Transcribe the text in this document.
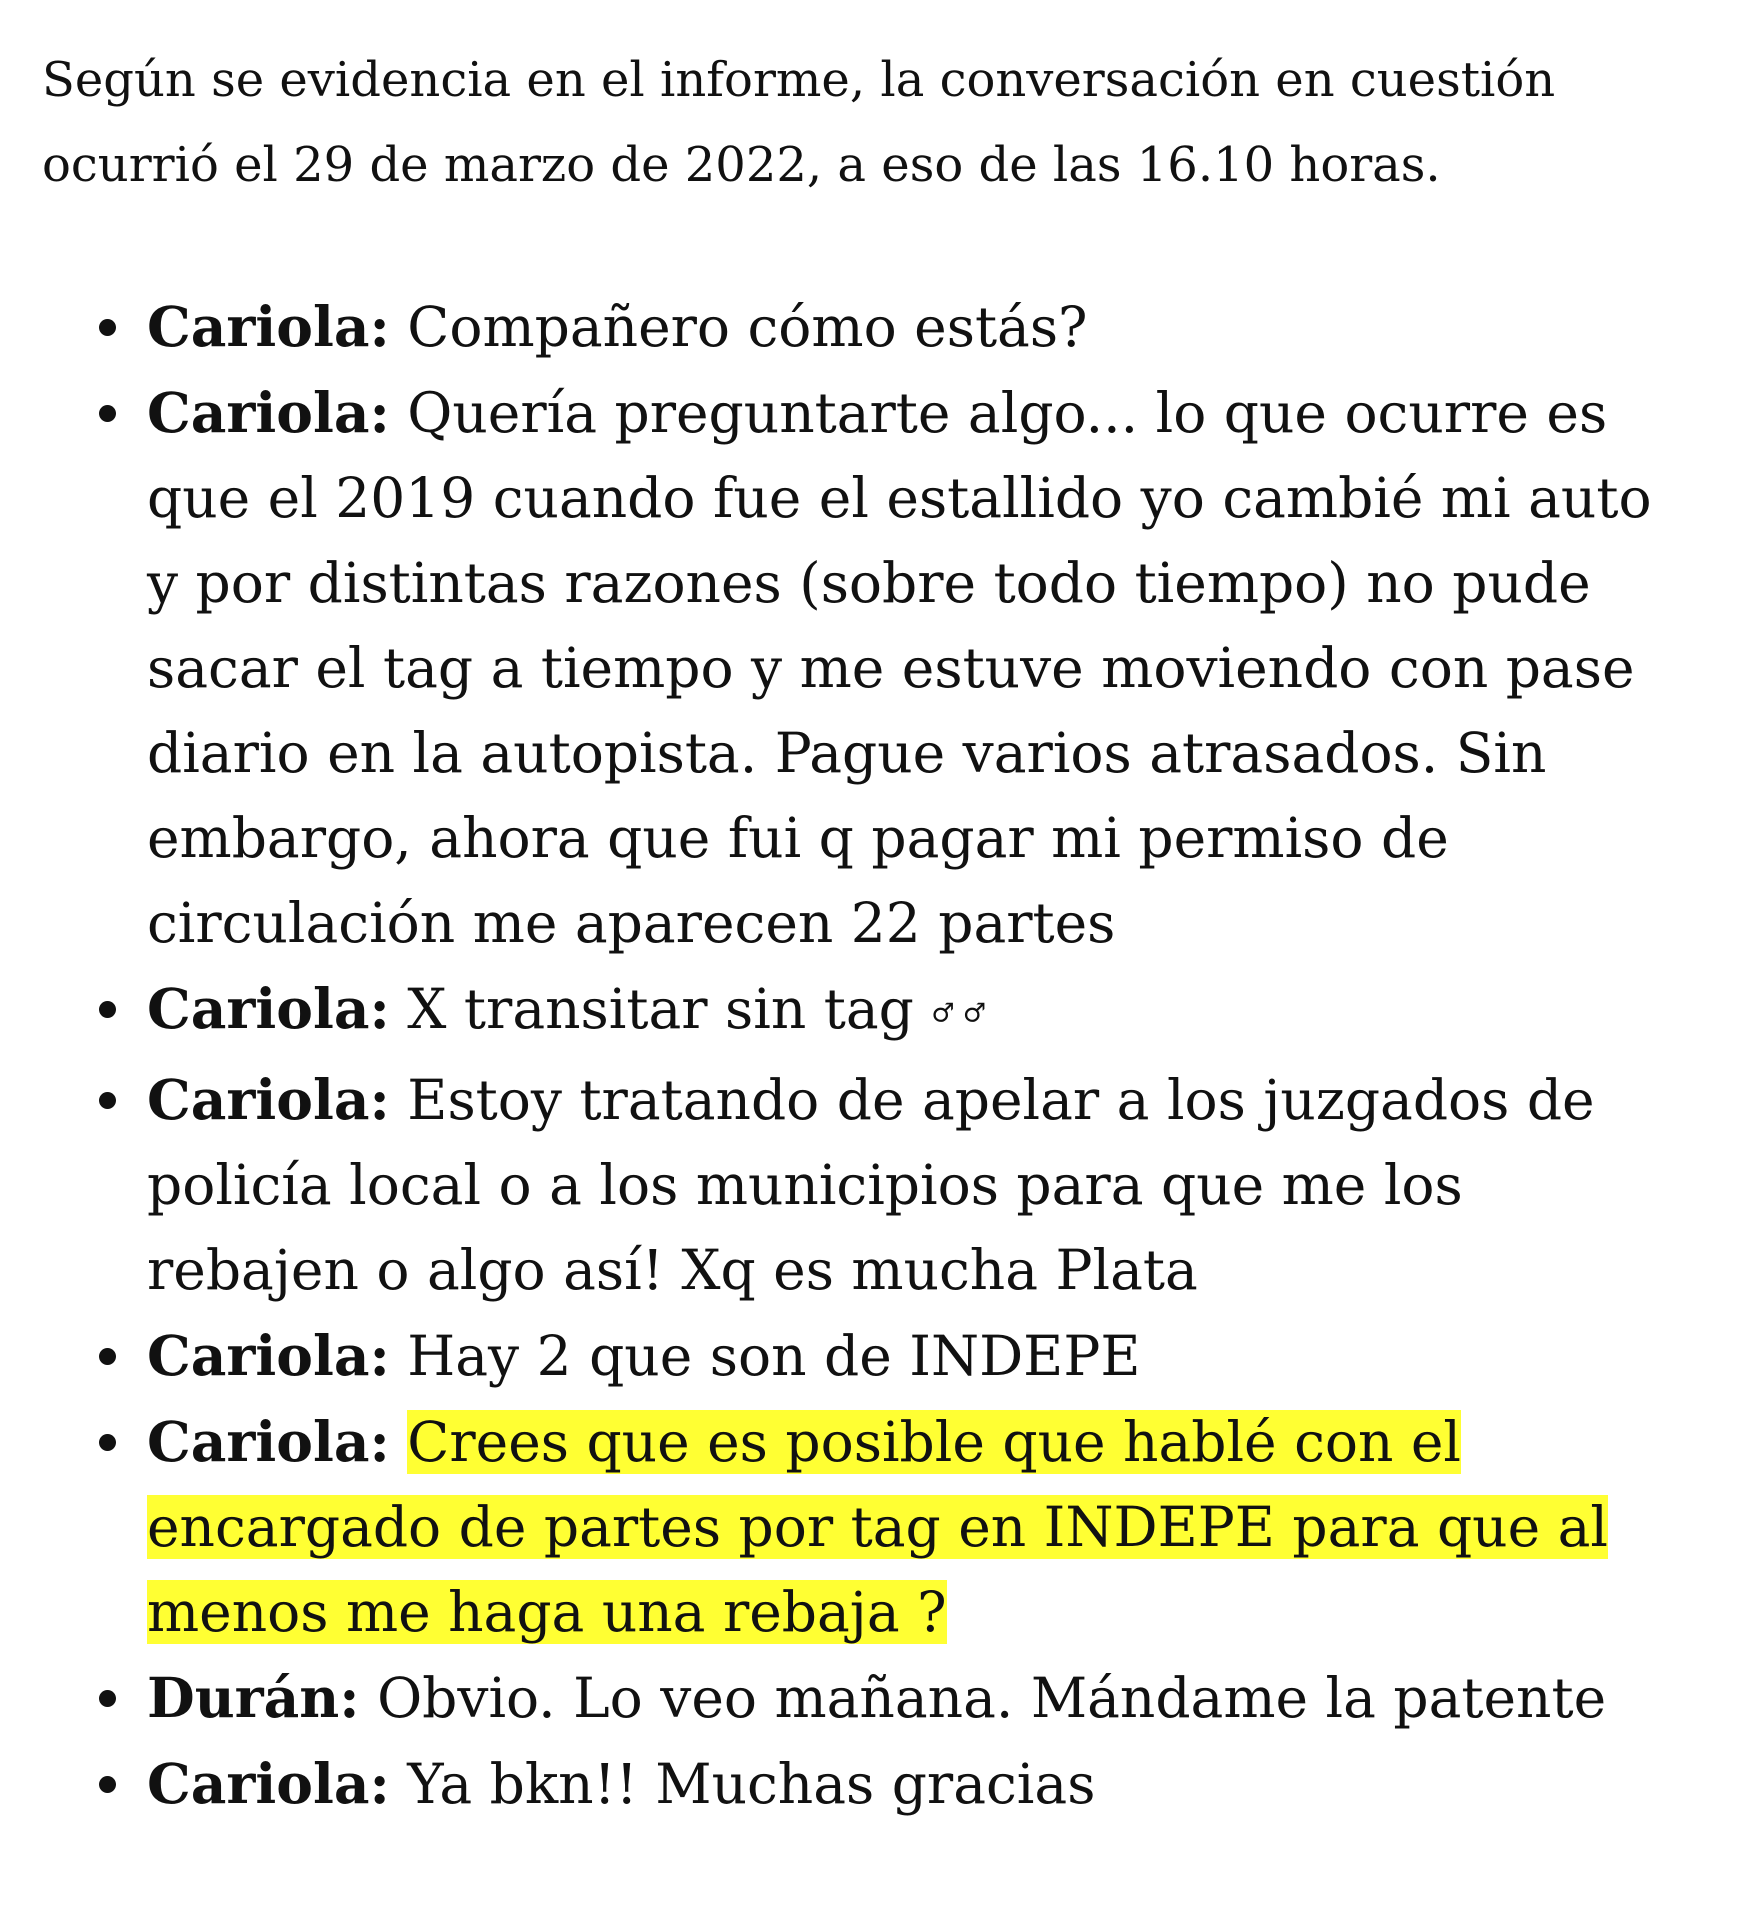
Según se evidencia en el informe, la conversación en cuestión
ocurrió el 29 de marzo de 2022, a eso de las 16.10 horas.

Cariola: Compañero cómo estás?
Cariola: Quería preguntarte algo... lo que ocurre es que el 2019 cuando fue el estallido yo cambié mi auto y por distintas razones (sobre todo tiempo) no pude sacar el tag a tiempo y me estuve moviendo con pase diario en la autopista. Pague varios atrasados. Sin embargo, ahora que fui q pagar mi permiso de circulación me aparecen 22 partes
Cariola: X transitar sin tag ♂ ♂
Cariola: Estoy tratando de apelar a los juzgados de policía local o a los municipios para que me los rebajen o algo así! Xq es mucha Plata
Cariola: Hay 2 que son de INDEPE
Cariola: Crees que es posible que hablé con el encargado de partes por tag en INDEPE para que al menos me haga una rebaja ?
Durán: Obvio. Lo veo mañana. Mándame la patente
Cariola: Ya bkn!! Muchas gracias
